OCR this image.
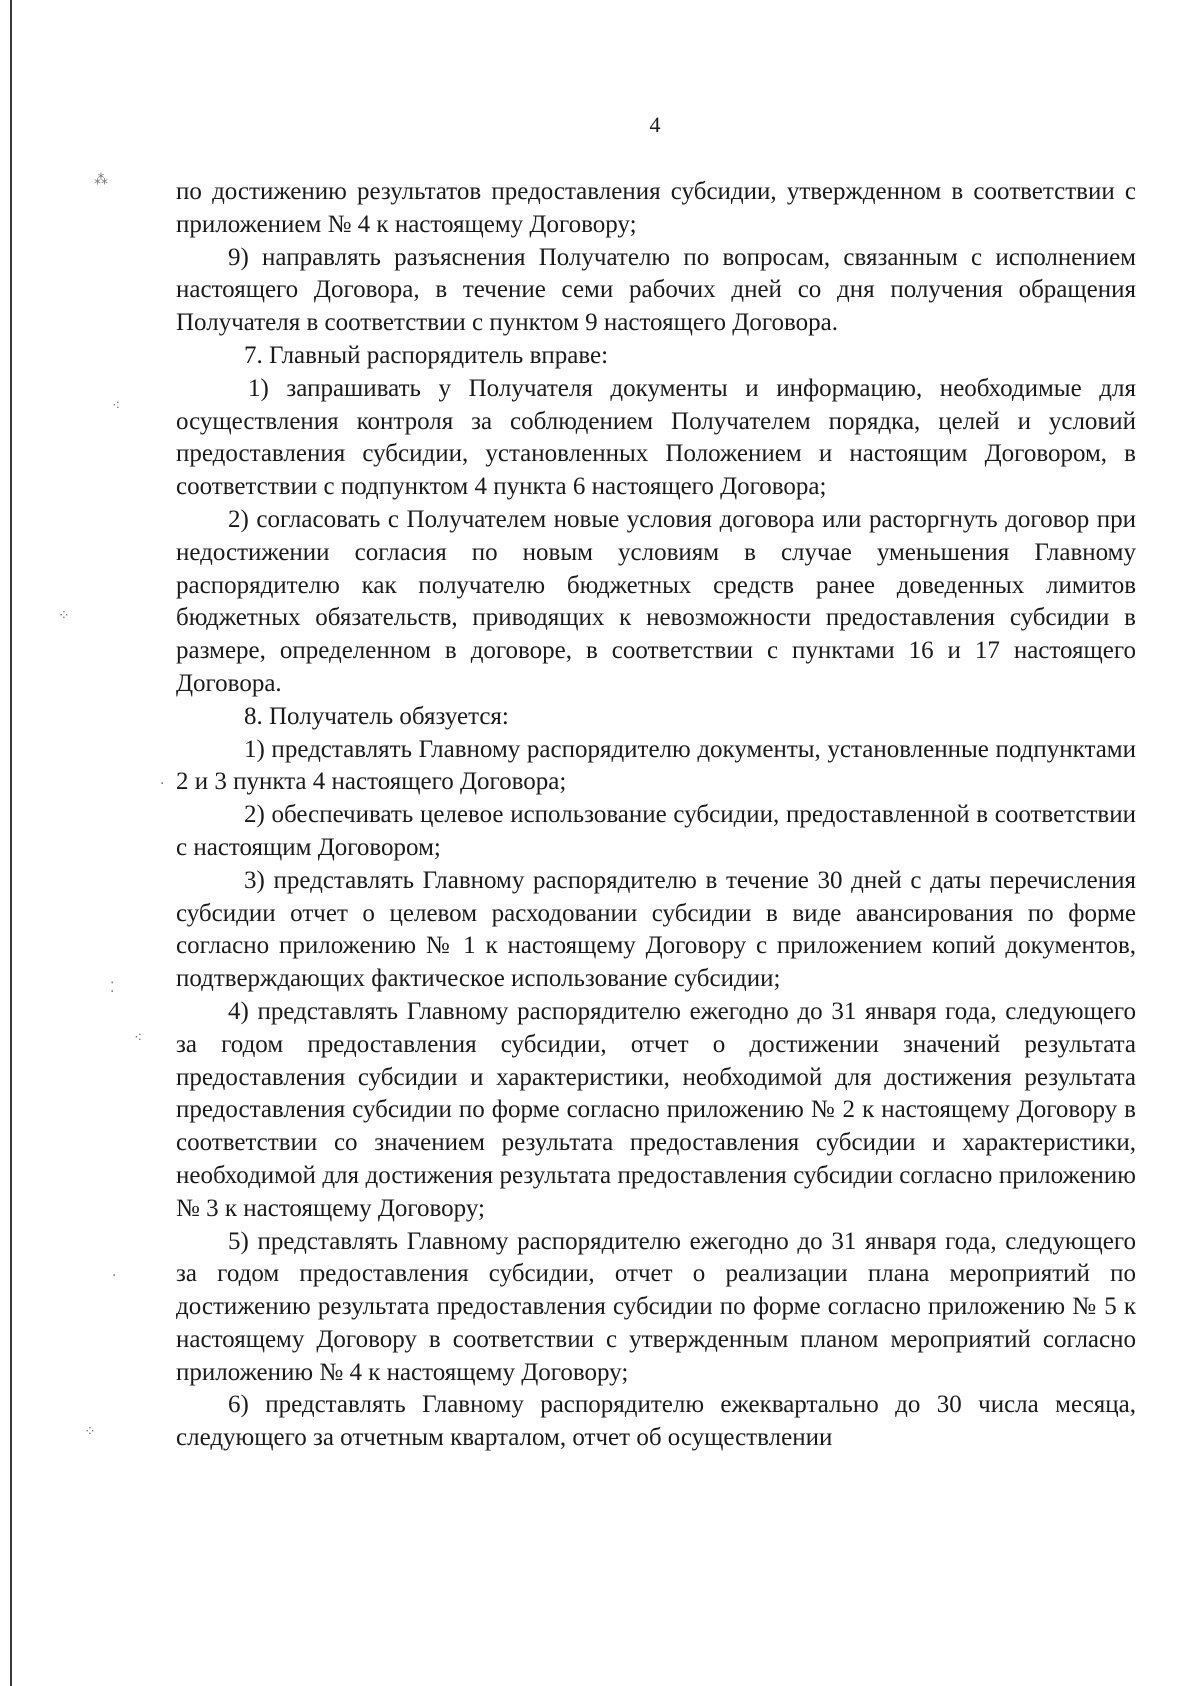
4

по достижению результатов предоставления субсидии, утвержденном в соответствии с приложением № 4 к настоящему Договору;

9) направлять разъяснения Получателю по вопросам, связанным с исполнением настоящего Договора, в течение семи рабочих дней со дня получения обращения Получателя в соответствии с пунктом 9 настоящего Договора.

7. Главный распорядитель вправе:

1) запрашивать у Получателя документы и информацию, необходимые для осуществления контроля за соблюдением Получателем порядка, целей и условий предоставления субсидии, установленных Положением и настоящим Договором, в соответствии с подпунктом 4 пункта 6 настоящего Договора;

2) согласовать с Получателем новые условия договора или расторгнуть договор при недостижении согласия по новым условиям в случае уменьшения Главному распорядителю как получателю бюджетных средств ранее доведенных лимитов бюджетных обязательств, приводящих к невозможности предоставления субсидии в размере, определенном в договоре, в соответствии с пунктами 16 и 17 настоящего Договора.

8. Получатель обязуется:

1) представлять Главному распорядителю документы, установленные подпунктами 2 и 3 пункта 4 настоящего Договора;

2) обеспечивать целевое использование субсидии, предоставленной в соответствии с настоящим Договором;

3) представлять Главному распорядителю в течение 30 дней с даты перечисления субсидии отчет о целевом расходовании субсидии в виде авансирования по форме согласно приложению № 1 к настоящему Договору с приложением копий документов, подтверждающих фактическое использование субсидии;

4) представлять Главному распорядителю ежегодно до 31 января года, следующего за годом предоставления субсидии, отчет о достижении значений результата предоставления субсидии и характеристики, необходимой для достижения результата предоставления субсидии по форме согласно приложению № 2 к настоящему Договору в соответствии со значением результата предоставления субсидии и характеристики, необходимой для достижения результата предоставления субсидии согласно приложению № 3 к настоящему Договору;

5) представлять Главному распорядителю ежегодно до 31 января года, следующего за годом предоставления субсидии, отчет о реализации плана мероприятий по достижению результата предоставления субсидии по форме согласно приложению № 5 к настоящему Договору в соответствии с утвержденным планом мероприятий согласно приложению № 4 к настоящему Договору;

6) представлять Главному распорядителю ежеквартально до 30 числа месяца, следующего за отчетным кварталом, отчет об осуществлении

⁂
⁖
⁘
·
⁚
⁖
·
⁘
